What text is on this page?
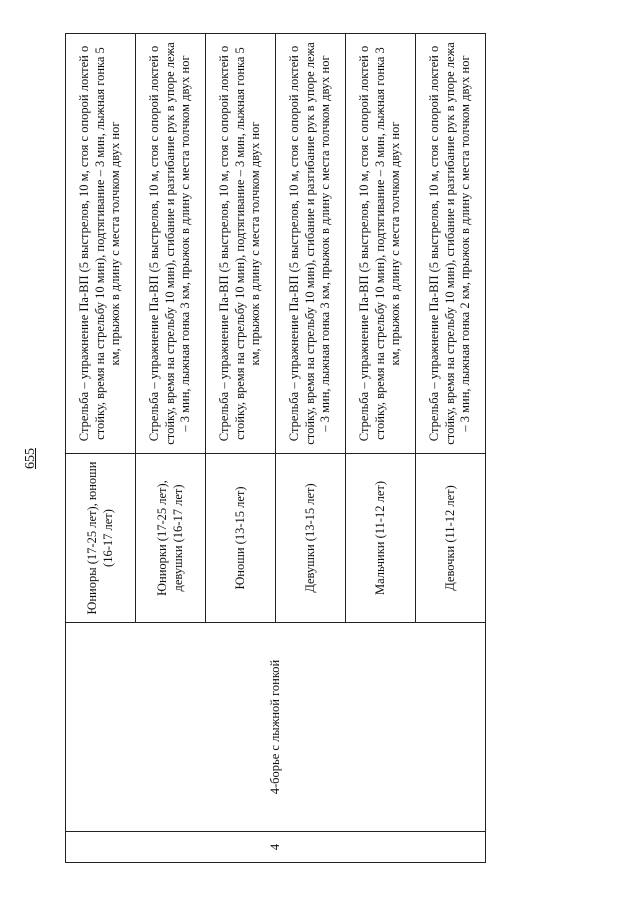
655
4	4-борье с лыжной гонкой	Юниоры (17-25 лет), юноши (16-17 лет)	Стрельба – упражнение Па-ВП (5 выстрелов, 10 м, стоя с опорой локтей о стойку, время на стрельбу 10 мин), подтягивание – 3 мин, лыжная гонка 5 км, прыжок в длину с места толчком двух ног
		Юниорки (17-25 лет), девушки (16-17 лет)	Стрельба – упражнение Па-ВП (5 выстрелов, 10 м, стоя с опорой локтей о стойку, время на стрельбу 10 мин), сгибание и разгибание рук в упоре лежа – 3 мин, лыжная гонка 3 км, прыжок в длину с места толчком двух ног
		Юноши (13-15 лет)	Стрельба – упражнение Па-ВП (5 выстрелов, 10 м, стоя с опорой локтей о стойку, время на стрельбу 10 мин), подтягивание – 3 мин, лыжная гонка 5 км, прыжок в длину с места толчком двух ног
		Девушки (13-15 лет)	Стрельба – упражнение Па-ВП (5 выстрелов, 10 м, стоя с опорой локтей о стойку, время на стрельбу 10 мин), сгибание и разгибание рук в упоре лежа – 3 мин, лыжная гонка 3 км, прыжок в длину с места толчком двух ног
		Мальчики (11-12 лет)	Стрельба – упражнение Па-ВП (5 выстрелов, 10 м, стоя с опорой локтей о стойку, время на стрельбу 10 мин), подтягивание – 3 мин, лыжная гонка 3 км, прыжок в длину с места толчком двух ног
		Девочки (11-12 лет)	Стрельба – упражнение Па-ВП (5 выстрелов, 10 м, стоя с опорой локтей о стойку, время на стрельбу 10 мин), сгибание и разгибание рук в упоре лежа – 3 мин, лыжная гонка 2 км, прыжок в длину с места толчком двух ног
